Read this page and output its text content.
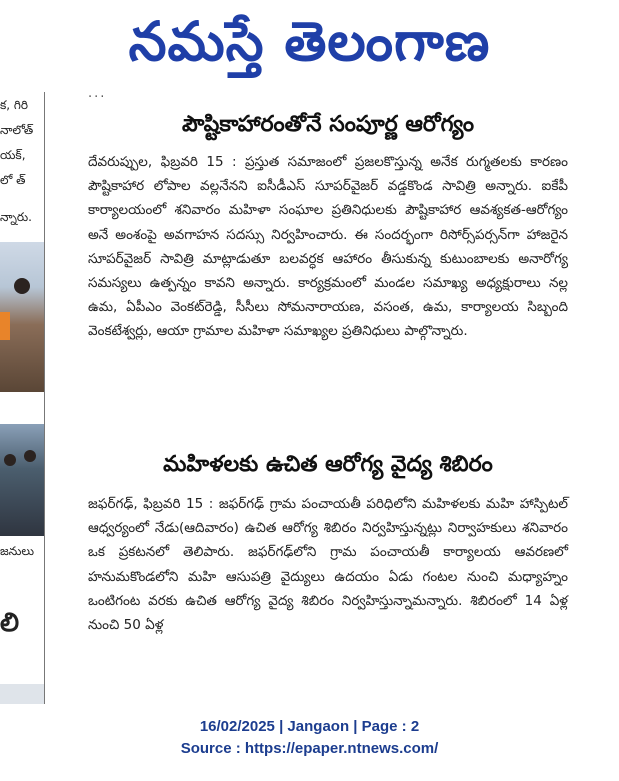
నమస్తే తెలంగాణ
క, గిరి
నాలోత్
యక్,
లో త్
న్నారు.
జనులు
లి
...
పౌష్టికాహారంతోనే సంపూర్ణ ఆరోగ్యం

దేవరుప్పుల, ఫిబ్రవరి 15 : ప్రస్తుత సమాజంలో ప్రజలకొస్తున్న అనేక రుగ్మతలకు కారణం పౌష్టికాహార లోపాల వల్లనేనని ఐసీడీఎస్ సూపర్‌వైజర్ వడ్డకొండ సావిత్రి అన్నారు. ఐకేపీ కార్యాలయంలో శనివారం మహిళా సంఘాల ప్రతినిధులకు పౌష్టికాహార ఆవశ్యకత-ఆరోగ్యం అనే అంశంపై అవగాహన సదస్సు నిర్వహించారు. ఈ సందర్భంగా రిసోర్స్‌పర్సన్‌గా హాజరైన సూపర్‌వైజర్ సావిత్రి మాట్లాడుతూ బలవర్ధక ఆహారం తీసుకున్న కుటుంబాలకు అనారోగ్య సమస్యలు ఉత్పన్నం కావని అన్నారు. కార్యక్రమంలో మండల సమాఖ్య అధ్యక్షురాలు నల్ల ఉమ, ఏపీఎం వెంకట్‌రెడ్డి, సీసీలు సోమనారాయణ, వసంత, ఉమ, కార్యాలయ సిబ్బంది వెంకటేశ్వర్లు, ఆయా గ్రామాల మహిళా సమాఖ్యల ప్రతినిధులు పాల్గొన్నారు.

మహిళలకు ఉచిత ఆరోగ్య వైద్య శిబిరం

జఫర్‌గఢ్, ఫిబ్రవరి 15 : జఫర్‌గఢ్ గ్రామ పంచాయతీ పరిధిలోని మహిళలకు మహి హాస్పిటల్ ఆధ్వర్యంలో నేడు(ఆదివారం) ఉచిత ఆరోగ్య శిబిరం నిర్వహిస్తున్నట్లు నిర్వాహకులు శనివారం ఒక ప్రకటనలో తెలిపారు. జఫర్‌గఢ్‌లోని గ్రామ పంచాయతీ కార్యాలయ ఆవరణలో హనుమకొండలోని మహి ఆసుపత్రి వైద్యులు ఉదయం ఏడు గంటల నుంచి మధ్యాహ్నం ఒంటిగంట వరకు ఉచిత ఆరోగ్య వైద్య శిబిరం నిర్వహిస్తున్నామన్నారు. శిబిరంలో 14 ఏళ్ల నుంచి 50 ఏళ్ల

16/02/2025 | Jangaon | Page : 2
Source : https://epaper.ntnews.com/
